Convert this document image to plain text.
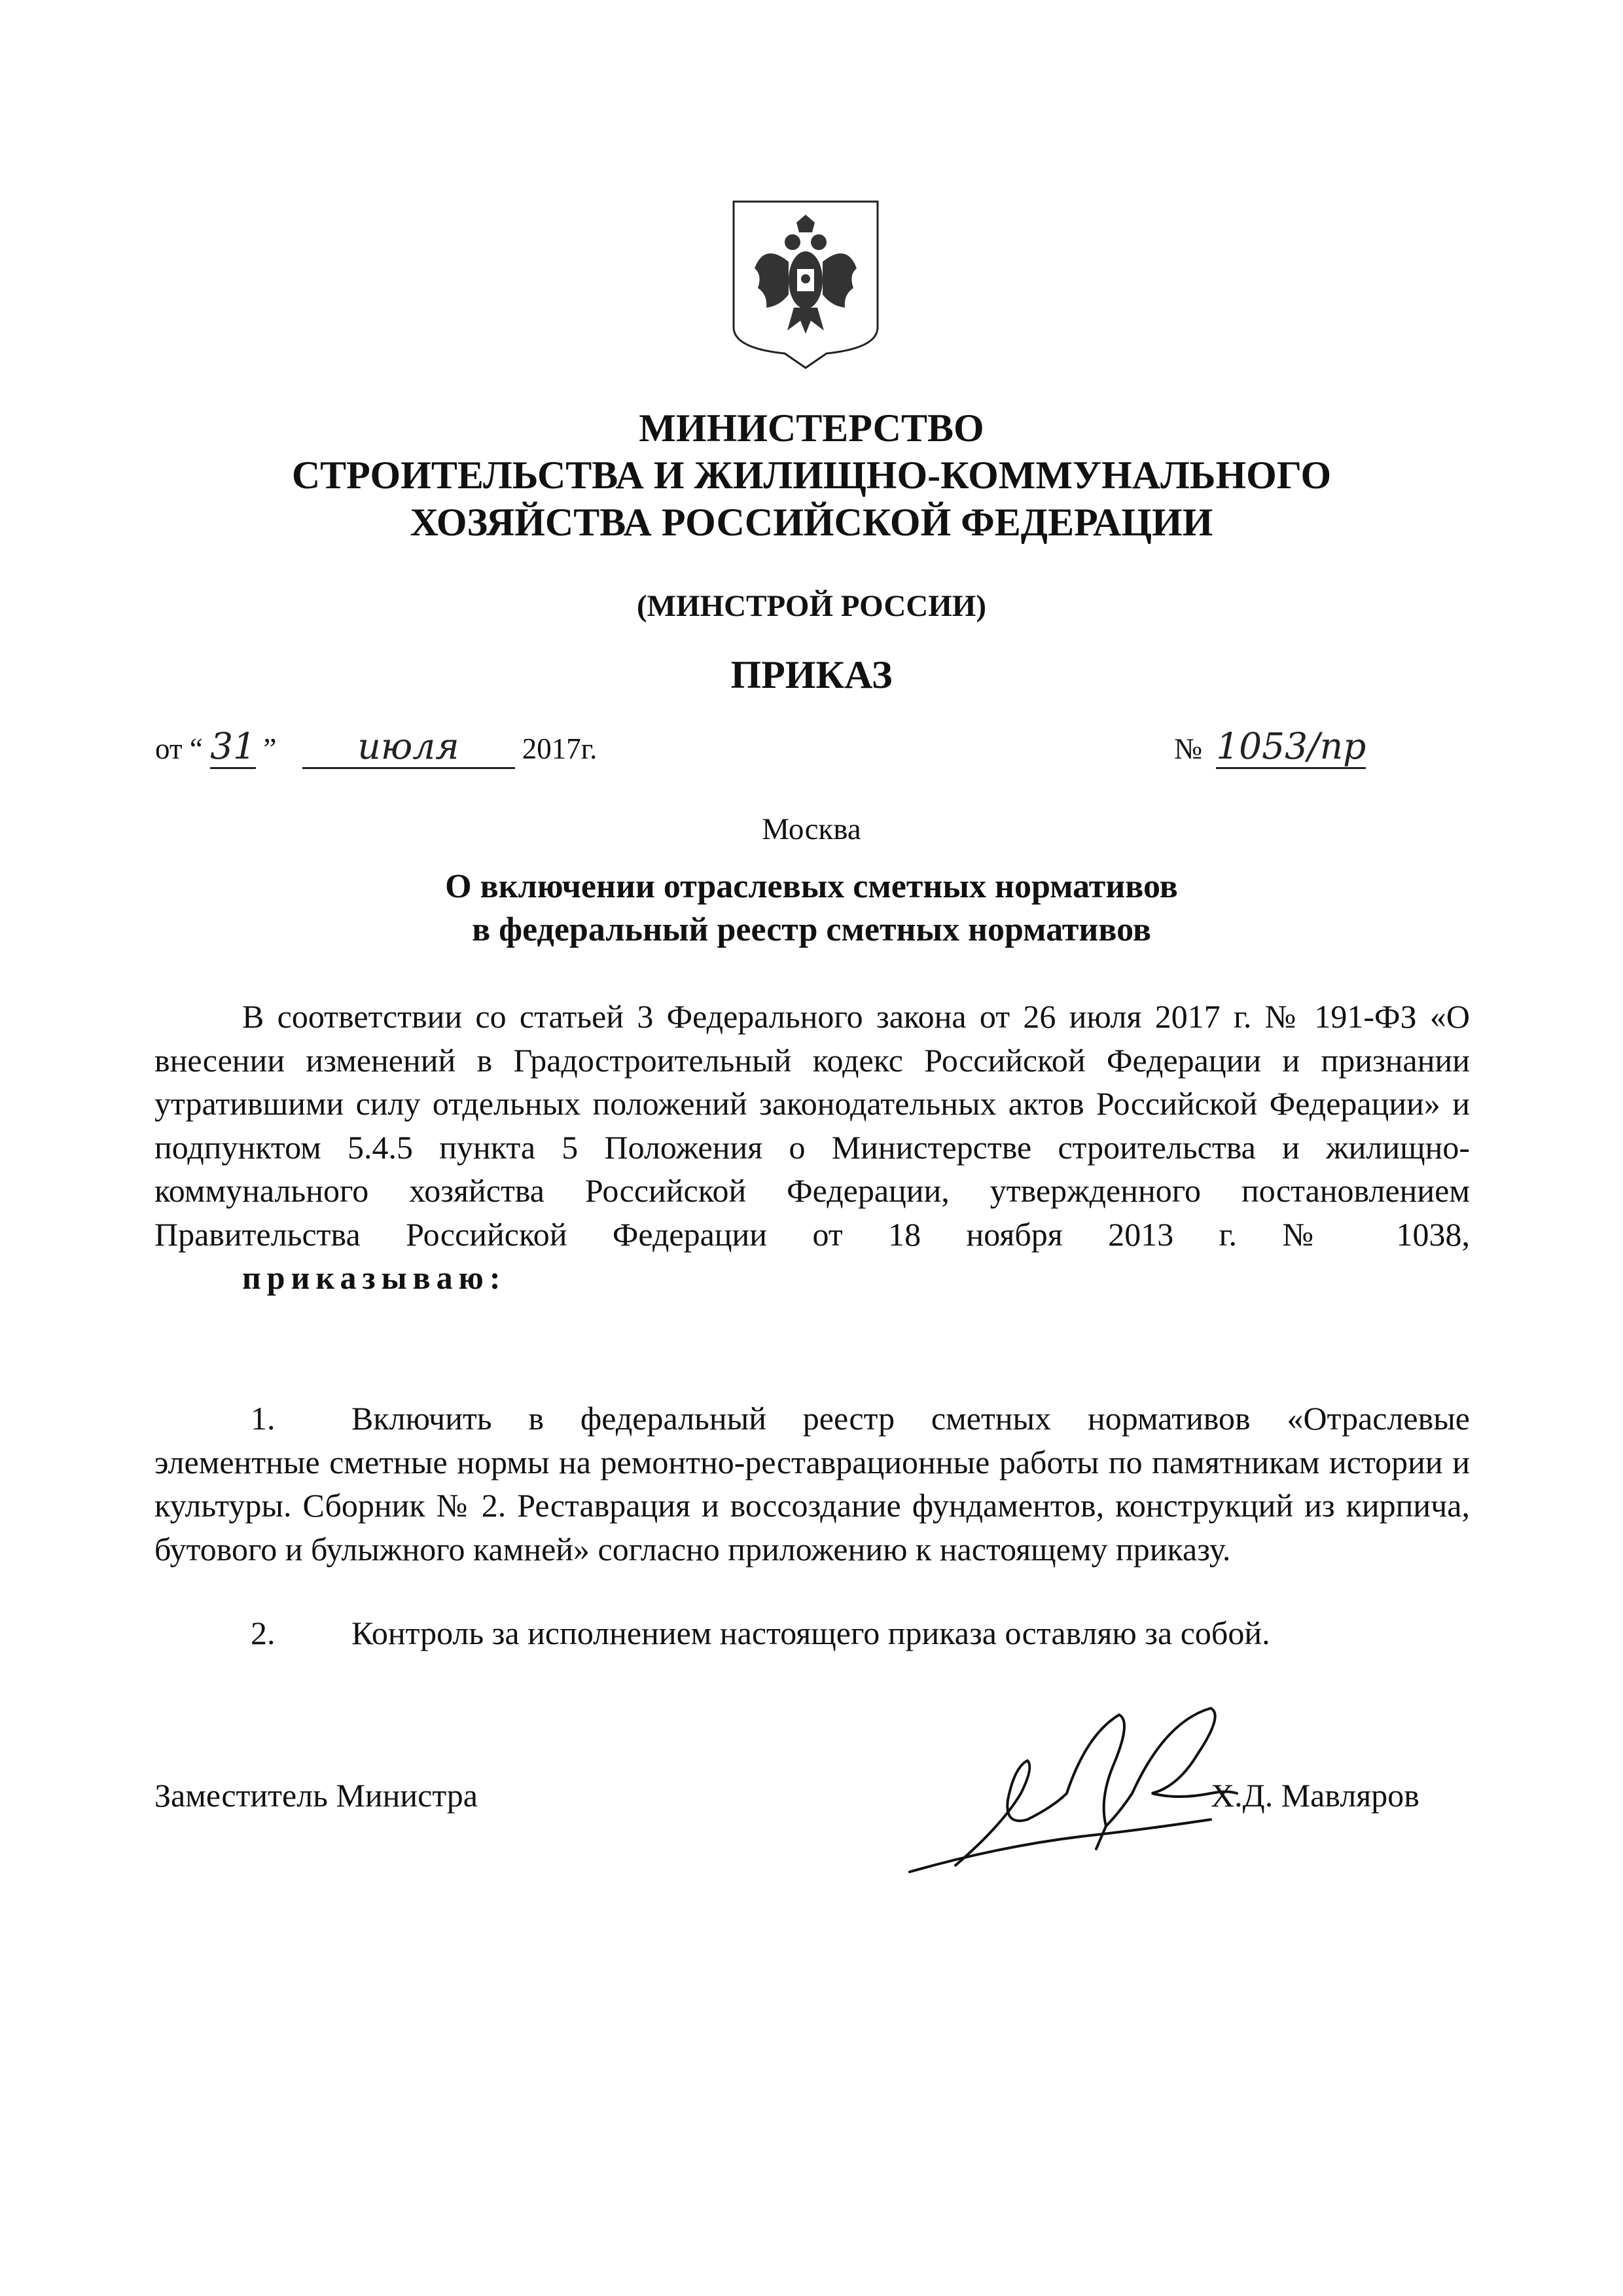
МИНИСТЕРСТВО
СТРОИТЕЛЬСТВА И ЖИЛИЩНО-КОММУНАЛЬНОГО
ХОЗЯЙСТВА РОССИЙСКОЙ ФЕДЕРАЦИИ
(МИНСТРОЙ РОССИИ)
ПРИКАЗ
от “ 31 ” июля 2017г.	№ 1053/пр
Москва
О включении отраслевых сметных нормативов
в федеральный реестр сметных нормативов
В соответствии со статьей 3 Федерального закона от 26 июля 2017 г. № 191-ФЗ «О внесении изменений в Градостроительный кодекс Российской Федерации и признании утратившими силу отдельных положений законодательных актов Российской Федерации» и подпунктом 5.4.5 пункта 5 Положения о Министерстве строительства и жилищно-коммунального хозяйства Российской Федерации, утвержденного постановлением Правительства Российской Федерации от 18 ноября 2013 г. № 1038,
приказываю:
1. Включить в федеральный реестр сметных нормативов «Отраслевые элементные сметные нормы на ремонтно-реставрационные работы по памятникам истории и культуры. Сборник № 2. Реставрация и воссоздание фундаментов, конструкций из кирпича, бутового и булыжного камней» согласно приложению к настоящему приказу.
2. Контроль за исполнением настоящего приказа оставляю за собой.
Заместитель Министра	Х.Д. Мавляров
